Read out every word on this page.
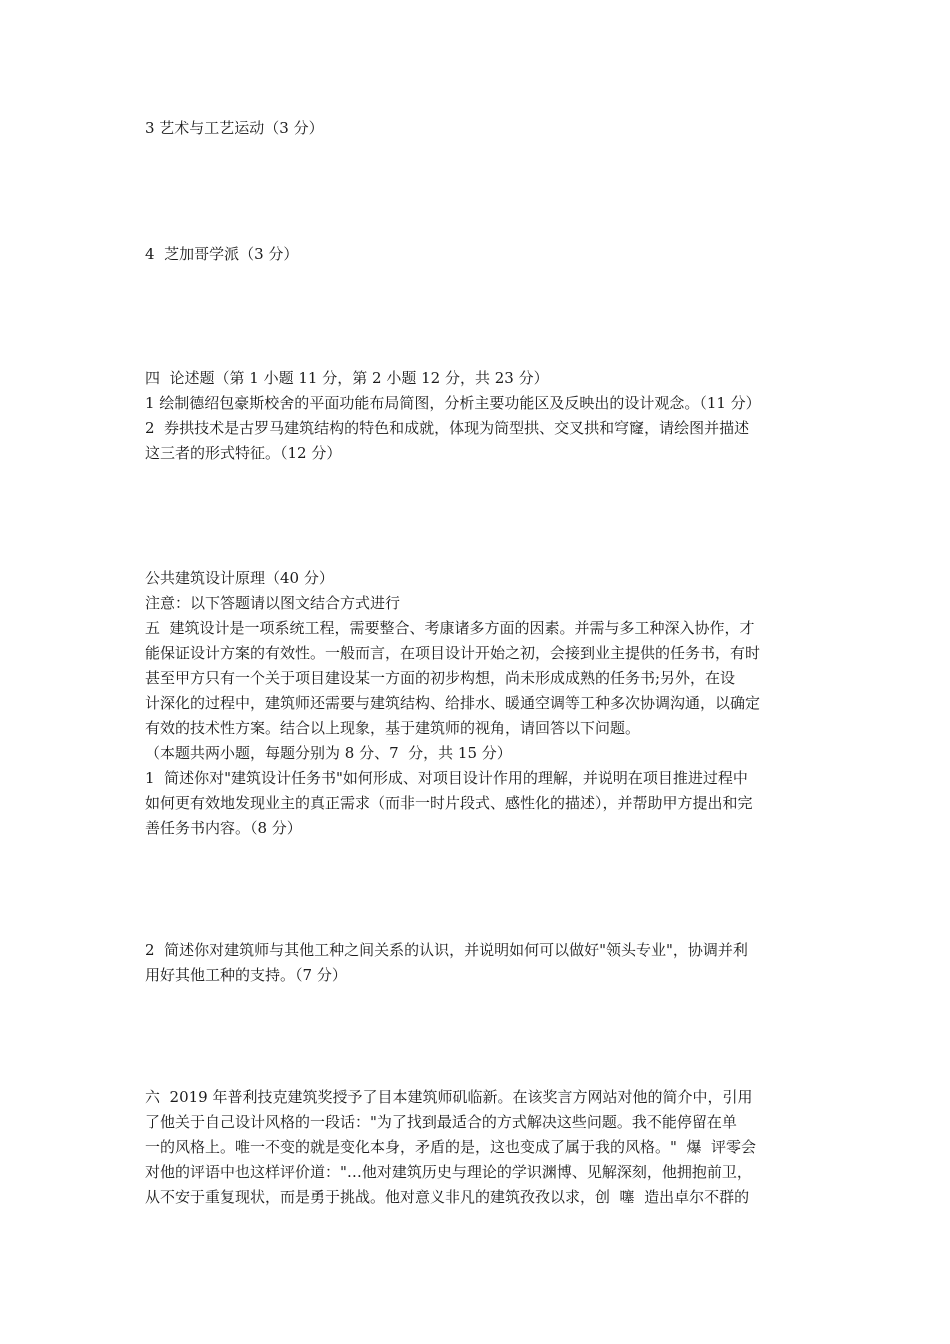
3 艺术与工艺运动（3 分）

4  芝加哥学派（3 分）

四  论述题（第 1 小题 11 分，第 2 小题 12 分，共 23 分）
1 绘制德绍包豪斯校舍的平面功能布局简图，分析主要功能区及反映出的设计观念。（11 分）
2  券拱技术是古罗马建筑结构的特色和成就，体现为筒型拱、交叉拱和穹窿，请绘图并描述
这三者的形式特征。（12 分）
公共建筑设计原理（40 分）
注意：以下答题请以图文结合方式进行
五  建筑设计是一项系统工程，需要整合、考康诸多方面的因素。并需与多工种深入协作，才
能保证设计方案的有效性。一般而言，在项目设计开始之初，会接到业主提供的任务书，有时
甚至甲方只有一个关于项目建设某一方面的初步构想，尚未形成成熟的任务书;另外，在设
计深化的过程中，建筑师还需要与建筑结构、给排水、暖通空调等工种多次协调沟通，以确定
有效的技术性方案。结合以上现象，基于建筑师的视角，请回答以下问题。
（本题共两小题，每题分别为 8 分、7  分，共 15 分）
1  简述你对"建筑设计任务书"如何形成、对项目设计作用的理解，并说明在项目推进过程中
如何更有效地发现业主的真正需求（而非一时片段式、感性化的描述），并帮助甲方提出和完
善任务书内容。（8 分）
2  简述你对建筑师与其他工种之间关系的认识，并说明如何可以做好"领头专业"，协调并利
用好其他工种的支持。（7 分）
六  2019 年普利技克建筑奖授予了目本建筑师矶临新。在该奖言方网站对他的简介中，引用
了他关于自己设计风格的一段话："为了找到最适合的方式解决这些问题。我不能停留在单
一的风格上。唯一不变的就是变化本身，矛盾的是，这也变成了属于我的风格。"  爆  评零会
对他的评语中也这样评价道："…他对建筑历史与理论的学识渊博、见解深刻，他拥抱前卫，
从不安于重复现状，而是勇于挑战。他对意义非凡的建筑孜孜以求，创  噻  造出卓尔不群的
